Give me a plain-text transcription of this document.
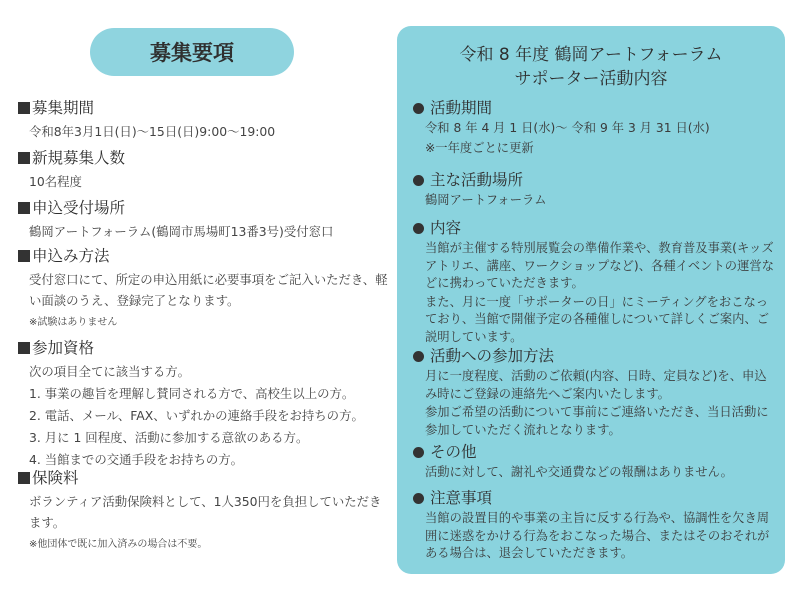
募集要項
募集期間
令和8年3月1日(日)〜15日(日)9:00〜19:00
新規募集人数
10名程度
申込受付場所
鶴岡アートフォーラム(鶴岡市馬場町13番3号)受付窓口
申込み方法
受付窓口にて、所定の申込用紙に必要事項をご記入いただき、軽い面談のうえ、登録完了となります。
※試験はありません
参加資格
次の項目全てに該当する方。
1. 事業の趣旨を理解し賛同される方で、高校生以上の方。
2. 電話、メール、FAX、いずれかの連絡手段をお持ちの方。
3. 月に 1 回程度、活動に参加する意欲のある方。
4. 当館までの交通手段をお持ちの方。
保険料
ボランティア活動保険料として、1人350円を負担していただきます。
※他団体で既に加入済みの場合は不要。
令和 8 年度 鶴岡アートフォーラム
サポーター活動内容
活動期間
令和 8 年 4 月 1 日(水)〜 令和 9 年 3 月 31 日(水)
※一年度ごとに更新
主な活動場所
鶴岡アートフォーラム
内容
当館が主催する特別展覧会の準備作業や、教育普及事業(キッズアトリエ、講座、ワークショップなど)、各種イベントの運営などに携わっていただきます。
また、月に一度「サポーターの日」にミーティングをおこなっており、当館で開催予定の各種催しについて詳しくご案内、ご説明しています。
活動への参加方法
月に一度程度、活動のご依頼(内容、日時、定員など)を、申込み時にご登録の連絡先へご案内いたします。
参加ご希望の活動について事前にご連絡いただき、当日活動に参加していただく流れとなります。
その他
活動に対して、謝礼や交通費などの報酬はありません。
注意事項
当館の設置目的や事業の主旨に反する行為や、協調性を欠き周囲に迷惑をかける行為をおこなった場合、またはそのおそれがある場合は、退会していただきます。
